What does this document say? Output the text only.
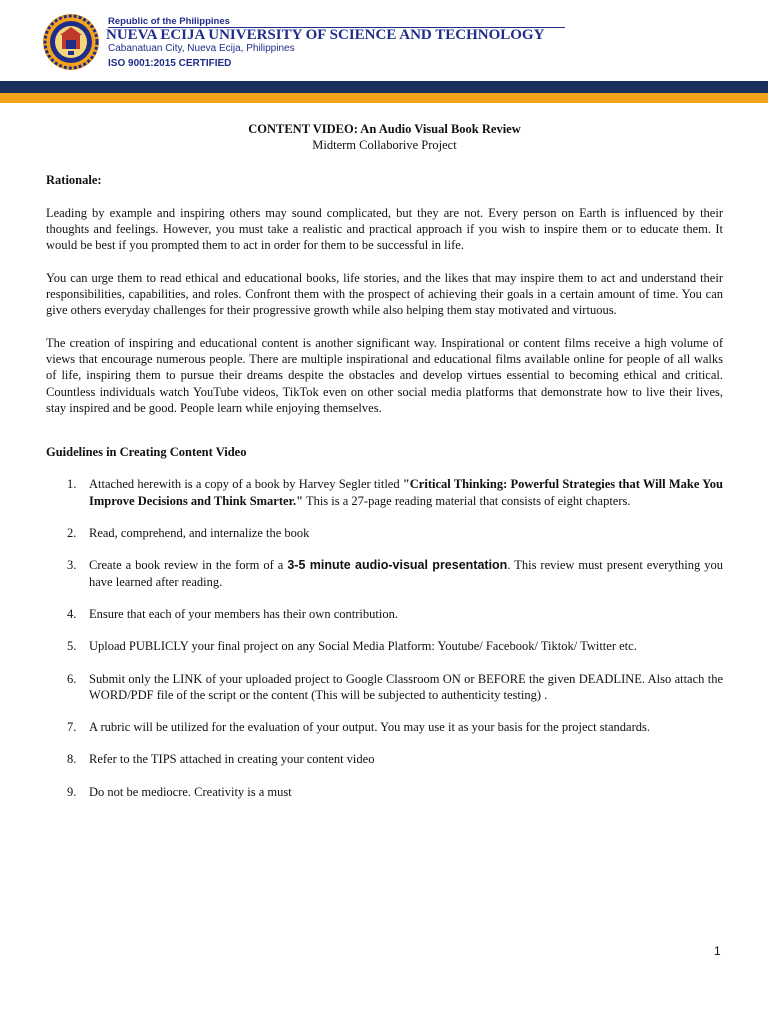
Republic of the Philippines
NUEVA ECIJA UNIVERSITY OF SCIENCE AND TECHNOLOGY
Cabanatuan City, Nueva Ecija, Philippines
ISO 9001:2015 CERTIFIED

CONTENT VIDEO: An Audio Visual Book Review

Midterm Collaborive Project

Rationale:

Leading by example and inspiring others may sound complicated, but they are not. Every person on Earth is influenced by their thoughts and feelings. However, you must take a realistic and practical approach if you wish to inspire them or to educate them. It would be best if you prompted them to act in order for them to be successful in life.

You can urge them to read ethical and educational books, life stories, and the likes that may inspire them to act and understand their responsibilities, capabilities, and roles. Confront them with the prospect of achieving their goals in a certain amount of time. You can give others everyday challenges for their progressive growth while also helping them stay motivated and virtuous.

The creation of inspiring and educational content is another significant way. Inspirational or content films receive a high volume of views that encourage numerous people. There are multiple inspirational and educational films available online for people of all walks of life, inspiring them to pursue their dreams despite the obstacles and develop virtues essential to becoming ethical and critical. Countless individuals watch YouTube videos, TikTok even on other social media platforms that demonstrate how to live their lives, stay inspired and be good. People learn while enjoying themselves.

Guidelines in Creating Content Video

1. Attached herewith is a copy of a book by Harvey Segler titled "Critical Thinking: Powerful Strategies that Will Make You Improve Decisions and Think Smarter." This is a 27-page reading material that consists of eight chapters.
2. Read, comprehend, and internalize the book
3. Create a book review in the form of a 3-5 minute audio-visual presentation. This review must present everything you have learned after reading.
4. Ensure that each of your members has their own contribution.
5. Upload PUBLICLY your final project on any Social Media Platform: Youtube/ Facebook/ Tiktok/ Twitter etc.
6. Submit only the LINK of your uploaded project to Google Classroom ON or BEFORE the given DEADLINE. Also attach the WORD/PDF file of the script or the content (This will be subjected to authenticity testing) .
7. A rubric will be utilized for the evaluation of your output. You may use it as your basis for the project standards.
8. Refer to the TIPS attached in creating your content video
9. Do not be mediocre. Creativity is a must
1
